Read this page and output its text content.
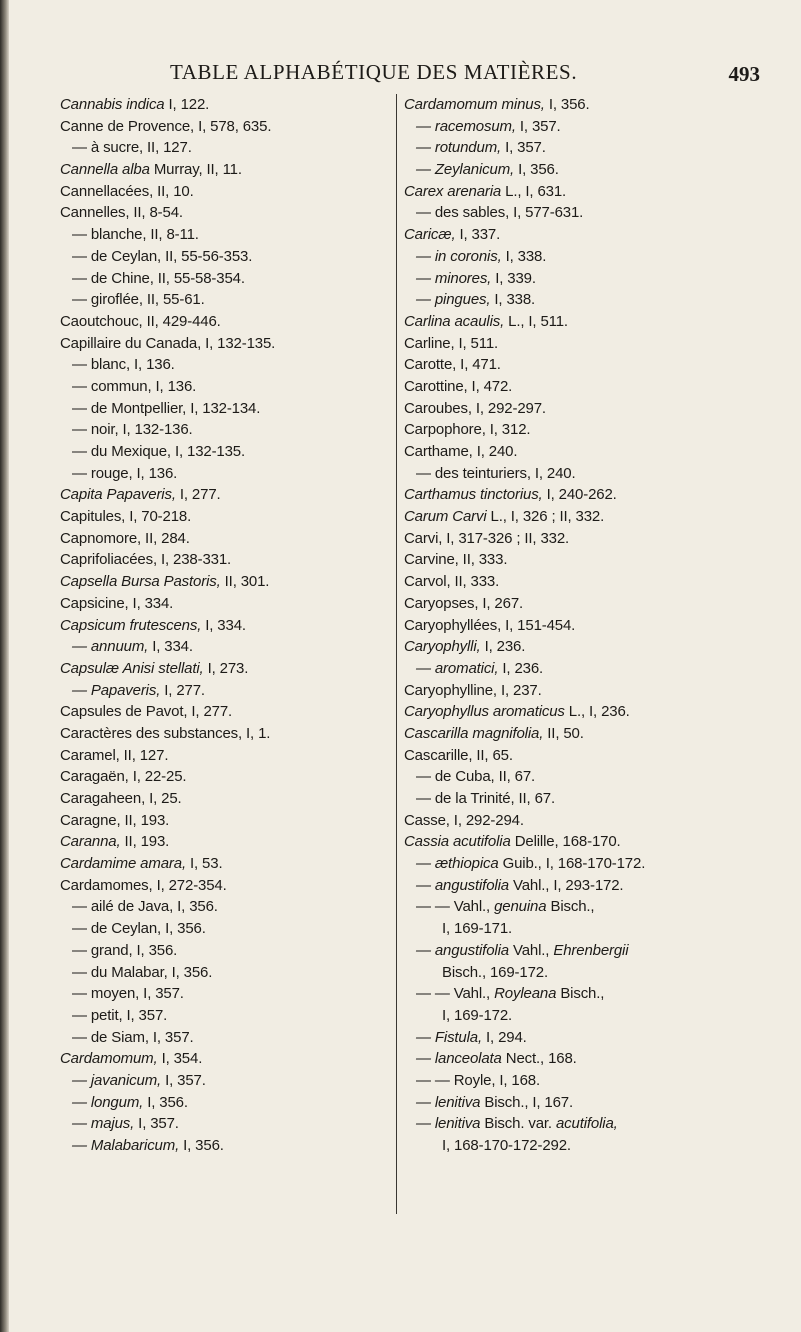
TABLE ALPHABÉTIQUE DES MATIÈRES.	493
Cannabis indica I, 122.
Canne de Provence, I, 578, 635.
— à sucre, II, 127.
Cannella alba Murray, II, 11.
Cannellacées, II, 10.
Cannelles, II, 8-54.
— blanche, II, 8-11.
— de Ceylan, II, 55-56-353.
— de Chine, II, 55-58-354.
— giroflée, II, 55-61.
Caoutchouc, II, 429-446.
Capillaire du Canada, I, 132-135.
— blanc, I, 136.
— commun, I, 136.
— de Montpellier, I, 132-134.
— noir, I, 132-136.
— du Mexique, I, 132-135.
— rouge, I, 136.
Capita Papaveris, I, 277.
Capitules, I, 70-218.
Capnomore, II, 284.
Caprifoliacées, I, 238-331.
Capsella Bursa Pastoris, II, 301.
Capsicine, I, 334.
Capsicum frutescens, I, 334.
— annuum, I, 334.
Capsulæ Anisi stellati, I, 273.
— Papaveris, I, 277.
Capsules de Pavot, I, 277.
Caractères des substances, I, 1.
Caramel, II, 127.
Caragaën, I, 22-25.
Caragaheen, I, 25.
Caragne, II, 193.
Caranna, II, 193.
Cardamime amara, I, 53.
Cardamomes, I, 272-354.
— ailé de Java, I, 356.
— de Ceylan, I, 356.
— grand, I, 356.
— du Malabar, I, 356.
— moyen, I, 357.
— petit, I, 357.
— de Siam, I, 357.
Cardamomum, I, 354.
— javanicum, I, 357.
— longum, I, 356.
— majus, I, 357.
— Malabaricum, I, 356.
Cardamomum minus, I, 356.
— racemosum, I, 357.
— rotundum, I, 357.
— Zeylanicum, I, 356.
Carex arenaria L., I, 631.
— des sables, I, 577-631.
Caricæ, I, 337.
— in coronis, I, 338.
— minores, I, 339.
— pingues, I, 338.
Carlina acaulis, L., I, 511.
Carline, I, 511.
Carotte, I, 471.
Carottine, I, 472.
Caroubes, I, 292-297.
Carpophore, I, 312.
Carthame, I, 240.
— des teinturiers, I, 240.
Carthamus tinctorius, I, 240-262.
Carum Carvi L., I, 326 ; II, 332.
Carvi, I, 317-326 ; II, 332.
Carvine, II, 333.
Carvol, II, 333.
Caryopses, I, 267.
Caryophyllées, I, 151-454.
Caryophylli, I, 236.
— aromatici, I, 236.
Caryophylline, I, 237.
Caryophyllus aromaticus L., I, 236.
Cascarilla magnifolia, II, 50.
Cascarille, II, 65.
— de Cuba, II, 67.
— de la Trinité, II, 67.
Casse, I, 292-294.
Cassia acutifolia Delille, 168-170.
— æthiopica Guib., I, 168-170-172.
— angustifolia Vahl., I, 293-172.
— — Vahl., genuina Bisch.,
I, 169-171.
— angustifolia Vahl., Ehrenbergii
Bisch., 169-172.
— — Vahl., Royleana Bisch.,
I, 169-172.
— Fistula, I, 294.
— lanceolata Nect., 168.
— — Royle, I, 168.
— lenitiva Bisch., I, 167.
— lenitiva Bisch. var. acutifolia,
I, 168-170-172-292.
